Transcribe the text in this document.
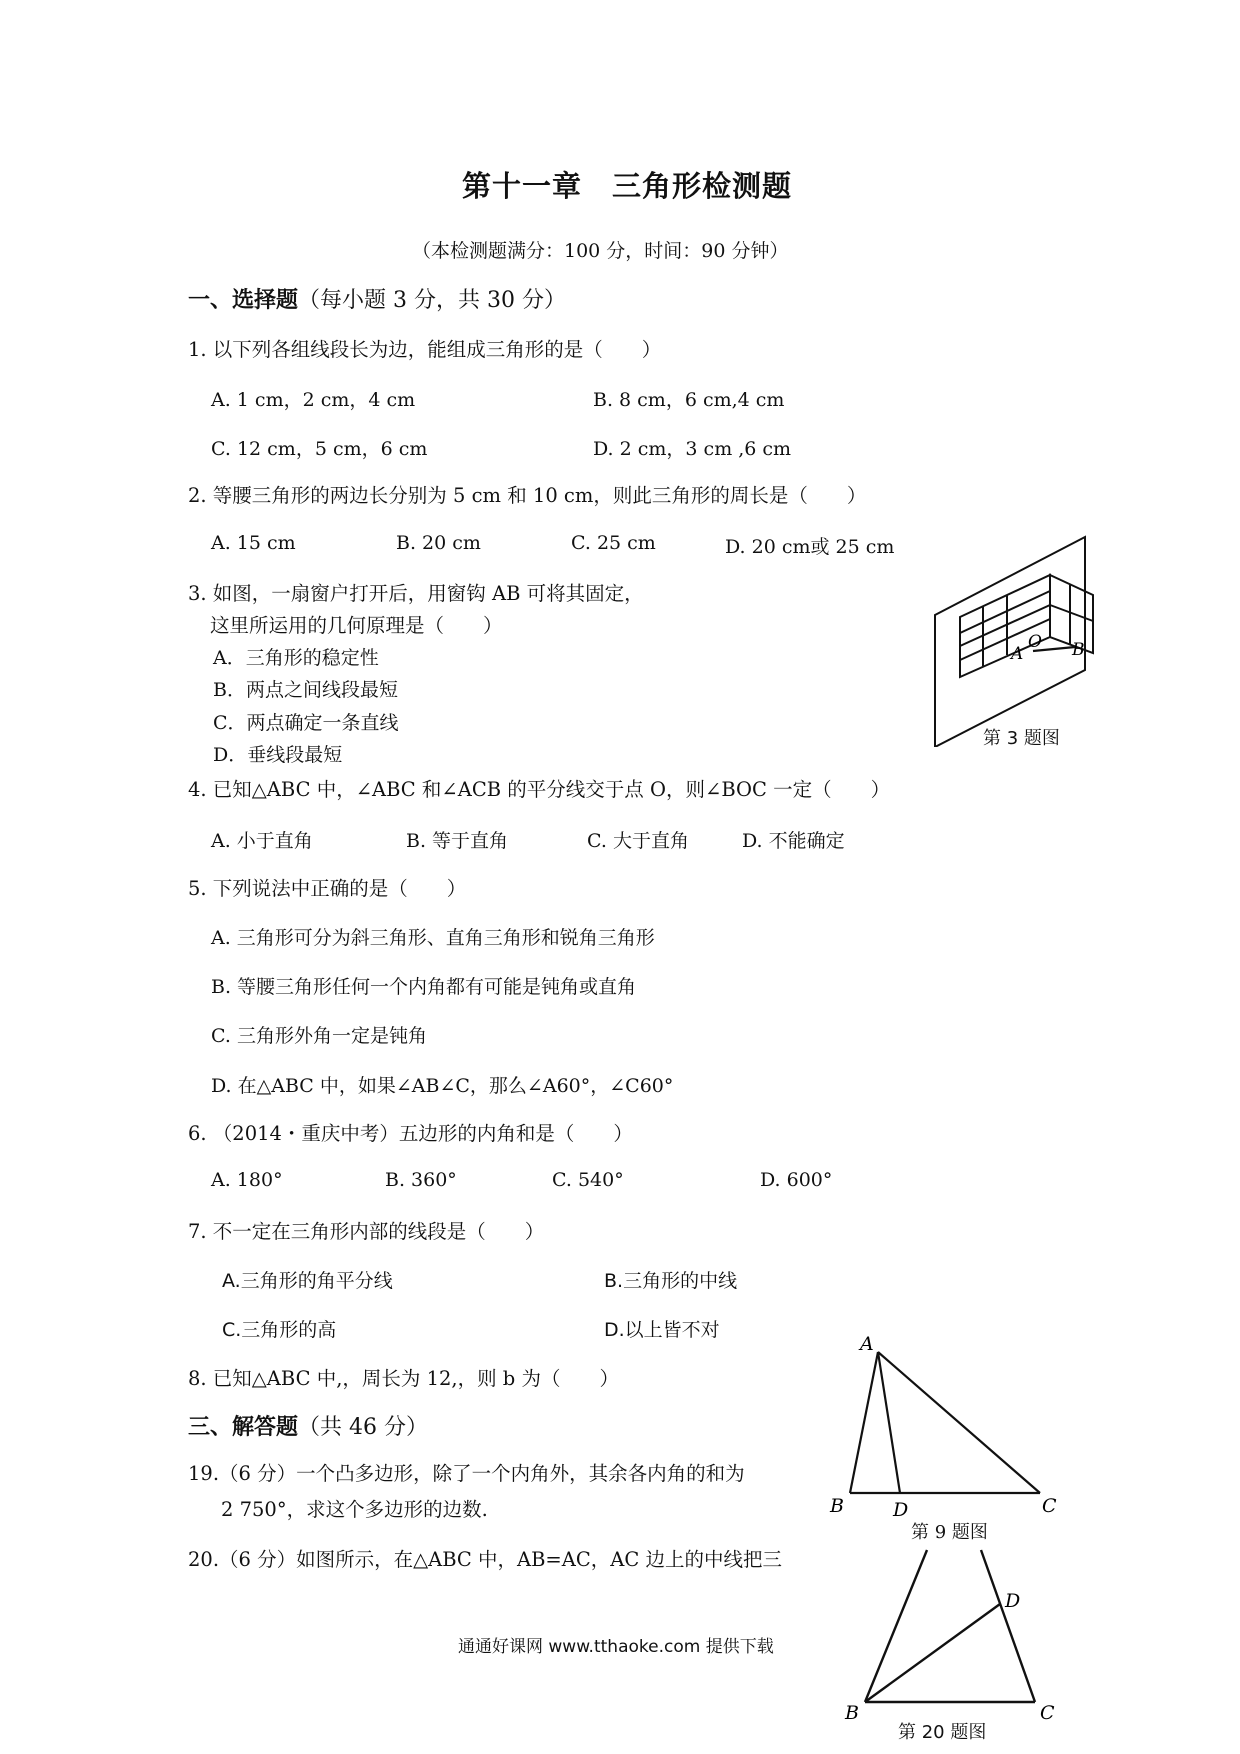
第十一章　三角形检测题
（本检测题满分：100 分，时间：90 分钟）
一、选择题（每小题 3 分，共 30 分）
1. 以下列各组线段长为边，能组成三角形的是（　　）
A. 1 cm，2 cm，4 cm	B. 8 cm，6 cm,4 cm
C. 12 cm，5 cm，6 cm	D. 2 cm，3 cm ,6 cm
2. 等腰三角形的两边长分别为 5 cm 和 10 cm，则此三角形的周长是（　　）
A. 15 cm	B. 20 cm	C. 25 cm	D. 20 cm或 25 cm
3. 如图，一扇窗户打开后，用窗钩 AB 可将其固定，
这里所运用的几何原理是（　　）
A．三角形的稳定性
B．两点之间线段最短
C．两点确定一条直线
D．垂线段最短
A
O B
第 3 题图
4. 已知△ABC 中，∠ABC 和∠ACB 的平分线交于点 O，则∠BOC 一定（　　）
A. 小于直角	B. 等于直角	C. 大于直角	D. 不能确定
5. 下列说法中正确的是（　　）
A. 三角形可分为斜三角形、直角三角形和锐角三角形
B. 等腰三角形任何一个内角都有可能是钝角或直角
C. 三角形外角一定是钝角
D. 在△ABC 中，如果∠AB∠C，那么∠A60°，∠C60°
6. （2014・重庆中考）五边形的内角和是（　　）
A. 180°	B. 360°	C. 540°	D. 600°
7. 不一定在三角形内部的线段是（　　）
A.三角形的角平分线	B.三角形的中线
C.三角形的高	D.以上皆不对
8. 已知△ABC 中,，周长为 12,，则 b 为（　　）
三、解答题（共 46 分）
19.（6 分）一个凸多边形，除了一个内角外，其余各内角的和为
2 750°，求这个多边形的边数.
20.（6 分）如图所示，在△ABC 中，AB=AC，AC 边上的中线把三
A
B	D	C
第 9 题图
D
B	C
第 20 题图
通通好课网 www.tthaoke.com 提供下载
